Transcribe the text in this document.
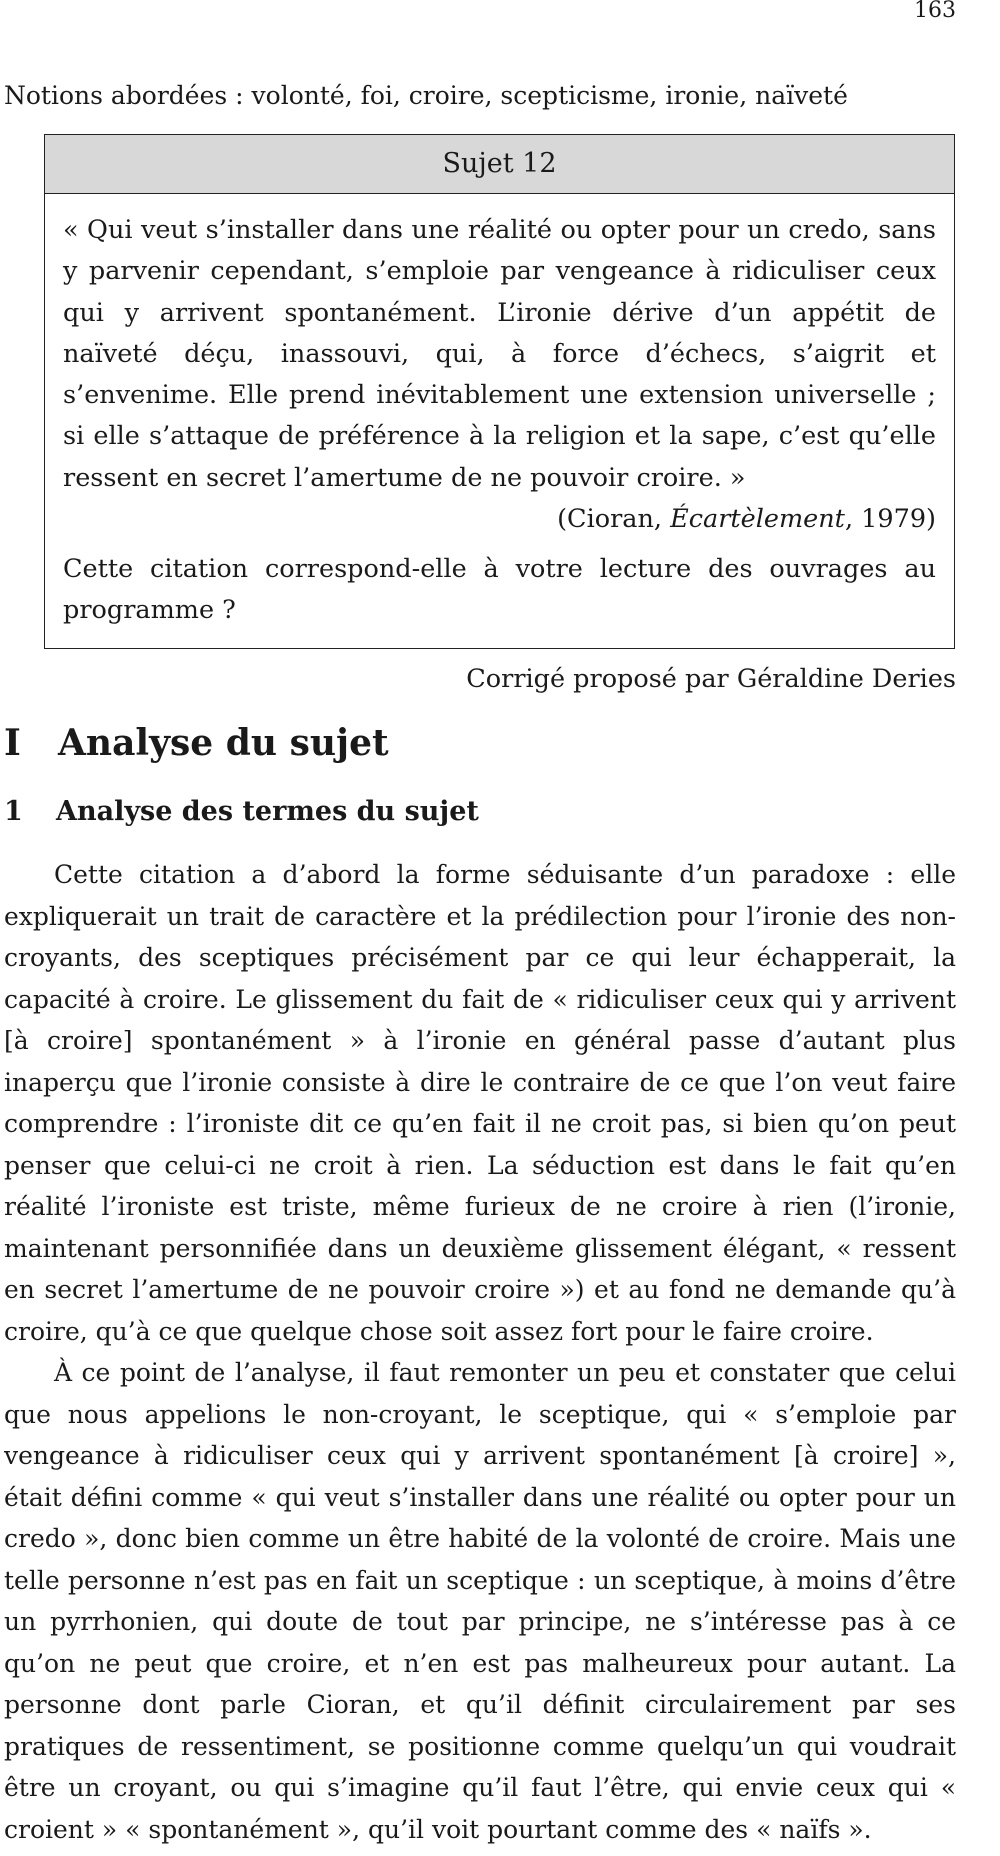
163
Notions abordées : volonté, foi, croire, scepticisme, ironie, naïveté
Sujet 12

« Qui veut s’installer dans une réalité ou opter pour un credo, sans y parvenir cependant, s’emploie par vengeance à ridiculiser ceux qui y arrivent spontanément. L’ironie dérive d’un appétit de naïveté déçu, inassouvi, qui, à force d’échecs, s’aigrit et s’envenime. Elle prend inévitablement une extension universelle ; si elle s’attaque de préférence à la religion et la sape, c’est qu’elle ressent en secret l’amertume de ne pouvoir croire. »

(Cioran, Écartèlement, 1979)

Cette citation correspond-elle à votre lecture des ouvrages au programme ?

Corrigé proposé par Géraldine Deries
I Analyse du sujet
1 Analyse des termes du sujet

Cette citation a d’abord la forme séduisante d’un paradoxe : elle expliquerait un trait de caractère et la prédilection pour l’ironie des non-croyants, des sceptiques précisément par ce qui leur échapperait, la capacité à croire. Le glissement du fait de « ridiculiser ceux qui y arrivent [à croire] spontanément » à l’ironie en général passe d’autant plus inaperçu que l’ironie consiste à dire le contraire de ce que l’on veut faire comprendre : l’ironiste dit ce qu’en fait il ne croit pas, si bien qu’on peut penser que celui-ci ne croit à rien. La séduction est dans le fait qu’en réalité l’ironiste est triste, même furieux de ne croire à rien (l’ironie, maintenant personnifiée dans un deuxième glissement élégant, « ressent en secret l’amertume de ne pouvoir croire ») et au fond ne demande qu’à croire, qu’à ce que quelque chose soit assez fort pour le faire croire.

À ce point de l’analyse, il faut remonter un peu et constater que celui que nous appelions le non-croyant, le sceptique, qui « s’emploie par vengeance à ridiculiser ceux qui y arrivent spontanément [à croire] », était défini comme « qui veut s’installer dans une réalité ou opter pour un credo », donc bien comme un être habité de la volonté de croire. Mais une telle personne n’est pas en fait un sceptique : un sceptique, à moins d’être un pyrrhonien, qui doute de tout par principe, ne s’intéresse pas à ce qu’on ne peut que croire, et n’en est pas malheureux pour autant. La personne dont parle Cioran, et qu’il définit circulairement par ses pratiques de ressentiment, se positionne comme quelqu’un qui voudrait être un croyant, ou qui s’imagine qu’il faut l’être, qui envie ceux qui « croient » « spontanément », qu’il voit pourtant comme des « naïfs ».
